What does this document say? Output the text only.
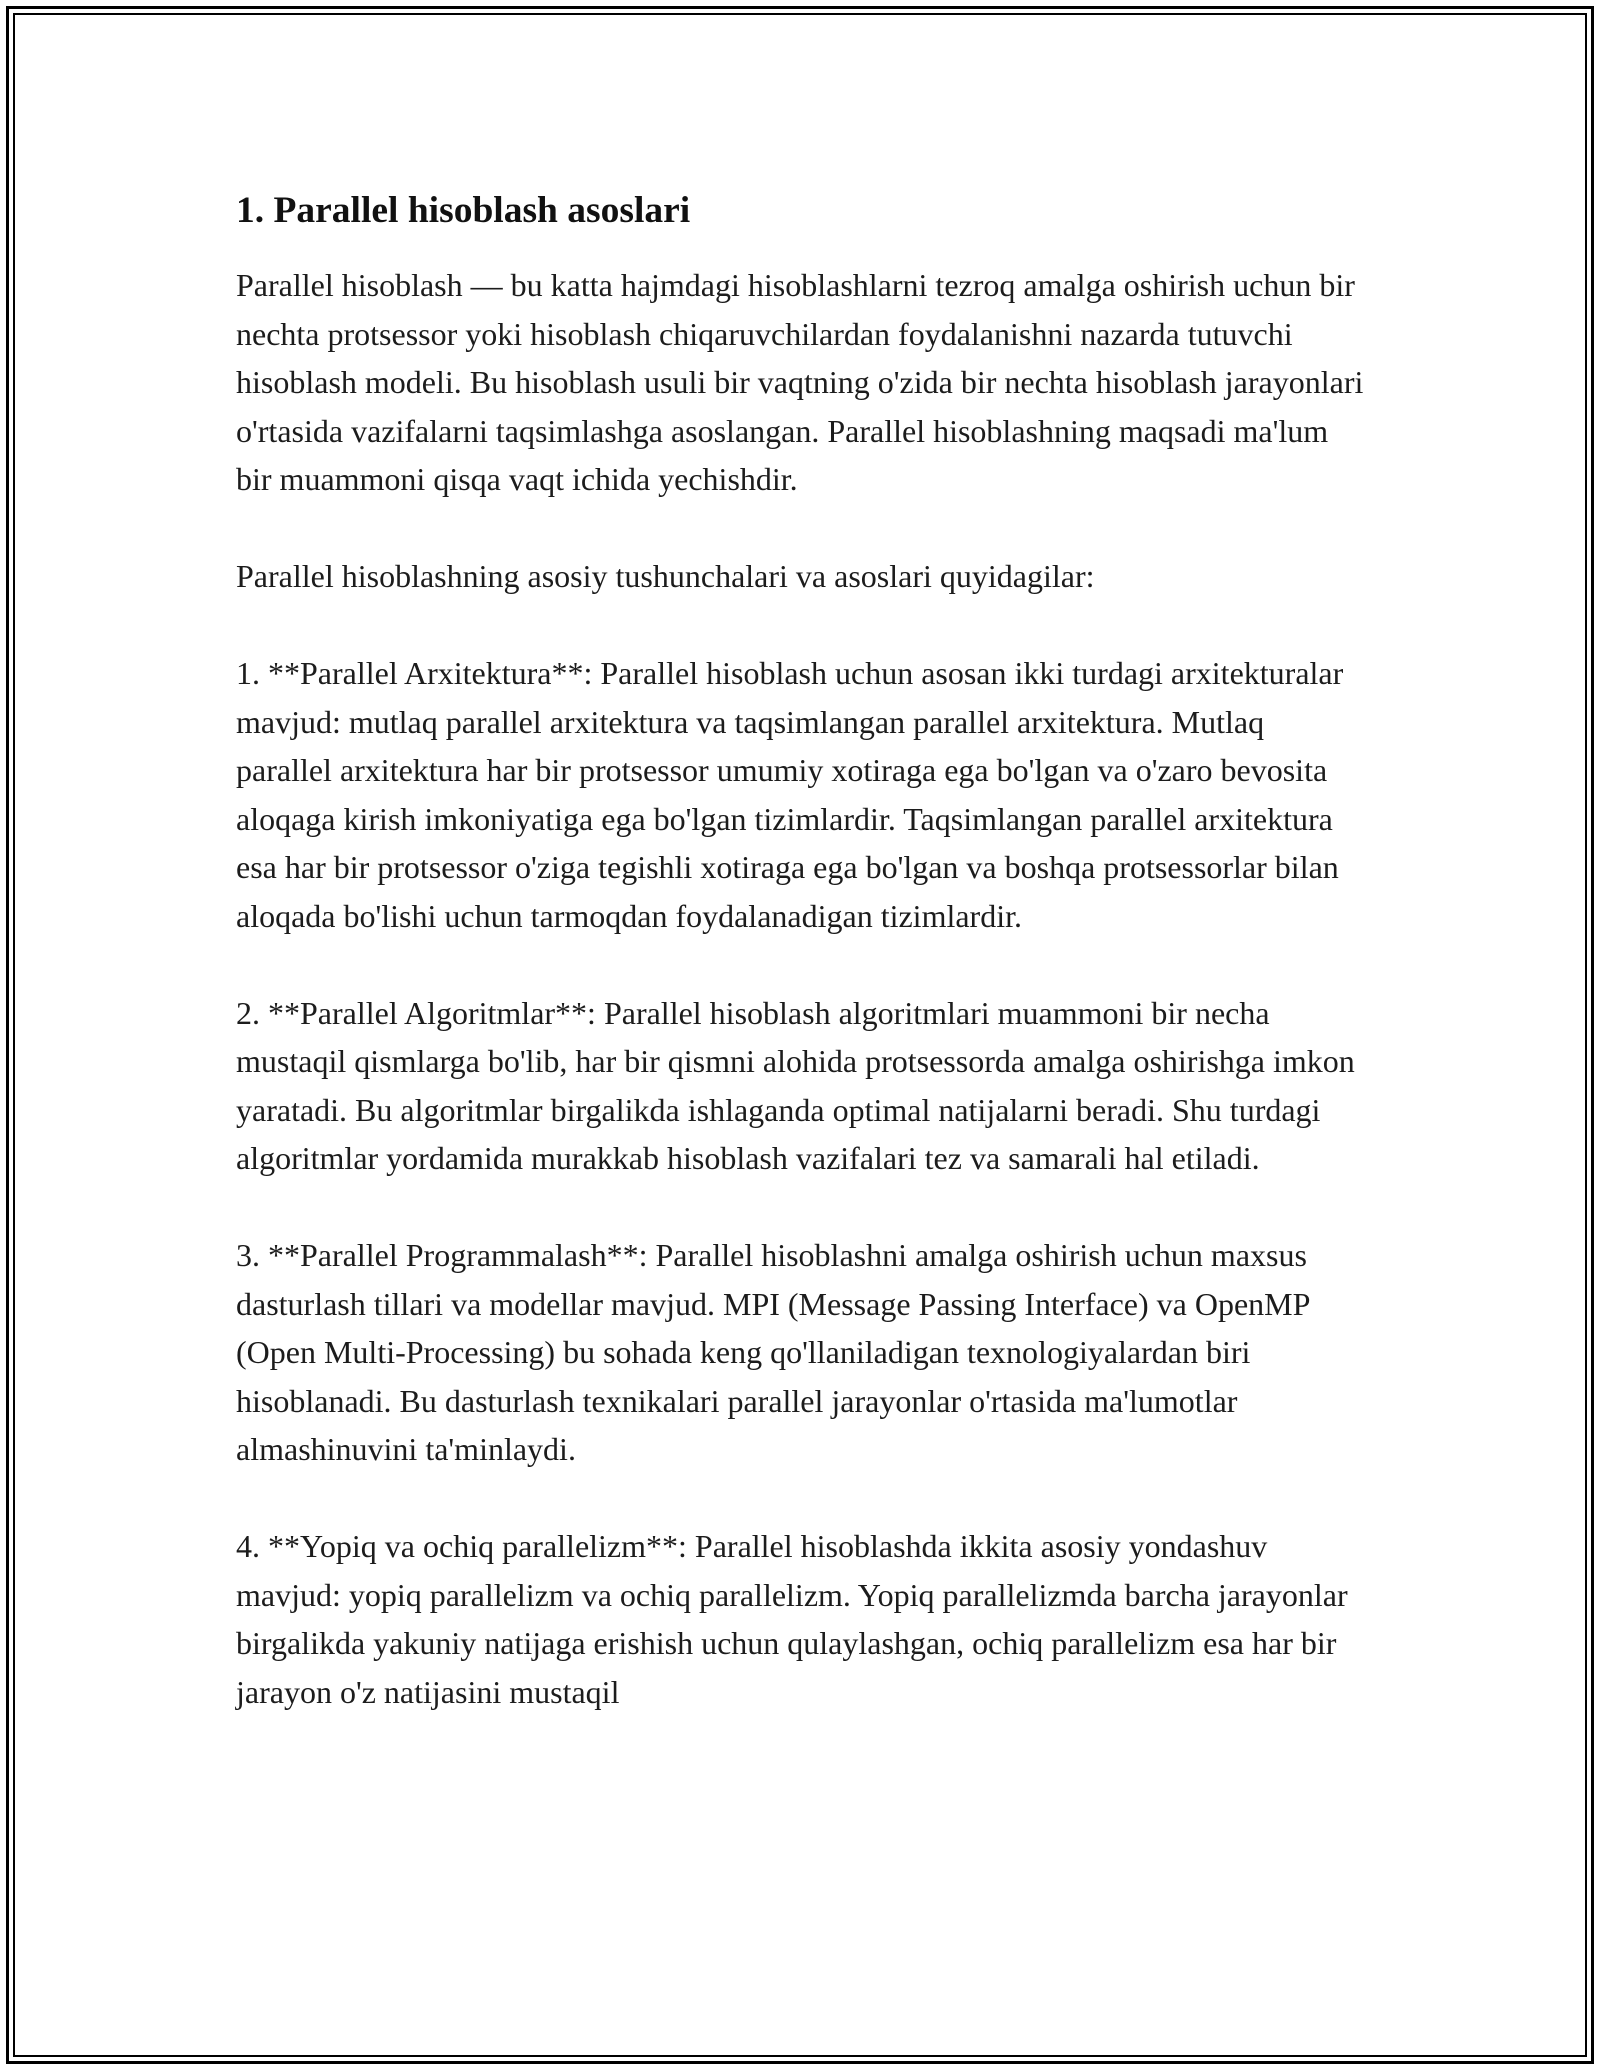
1. Parallel hisoblash asoslari

Parallel hisoblash — bu katta hajmdagi hisoblashlarni tezroq amalga oshirish uchun bir nechta protsessor yoki hisoblash chiqaruvchilardan foydalanishni nazarda tutuvchi hisoblash modeli. Bu hisoblash usuli bir vaqtning o'zida bir nechta hisoblash jarayonlari o'rtasida vazifalarni taqsimlashga asoslangan. Parallel hisoblashning maqsadi ma'lum bir muammoni qisqa vaqt ichida yechishdir.

Parallel hisoblashning asosiy tushunchalari va asoslari quyidagilar:

1. **Parallel Arxitektura**: Parallel hisoblash uchun asosan ikki turdagi arxitekturalar mavjud: mutlaq parallel arxitektura va taqsimlangan parallel arxitektura. Mutlaq parallel arxitektura har bir protsessor umumiy xotiraga ega bo'lgan va o'zaro bevosita aloqaga kirish imkoniyatiga ega bo'lgan tizimlardir. Taqsimlangan parallel arxitektura esa har bir protsessor o'ziga tegishli xotiraga ega bo'lgan va boshqa protsessorlar bilan aloqada bo'lishi uchun tarmoqdan foydalanadigan tizimlardir.

2. **Parallel Algoritmlar**: Parallel hisoblash algoritmlari muammoni bir necha mustaqil qismlarga bo'lib, har bir qismni alohida protsessorda amalga oshirishga imkon yaratadi. Bu algoritmlar birgalikda ishlaganda optimal natijalarni beradi. Shu turdagi algoritmlar yordamida murakkab hisoblash vazifalari tez va samarali hal etiladi.

3. **Parallel Programmalash**: Parallel hisoblashni amalga oshirish uchun maxsus dasturlash tillari va modellar mavjud. MPI (Message Passing Interface) va OpenMP (Open Multi-Processing) bu sohada keng qo'llaniladigan texnologiyalardan biri hisoblanadi. Bu dasturlash texnikalari parallel jarayonlar o'rtasida ma'lumotlar almashinuvini ta'minlaydi.

4. **Yopiq va ochiq parallelizm**: Parallel hisoblashda ikkita asosiy yondashuv mavjud: yopiq parallelizm va ochiq parallelizm. Yopiq parallelizmda barcha jarayonlar birgalikda yakuniy natijaga erishish uchun qulaylashgan, ochiq parallelizm esa har bir jarayon o'z natijasini mustaqil
